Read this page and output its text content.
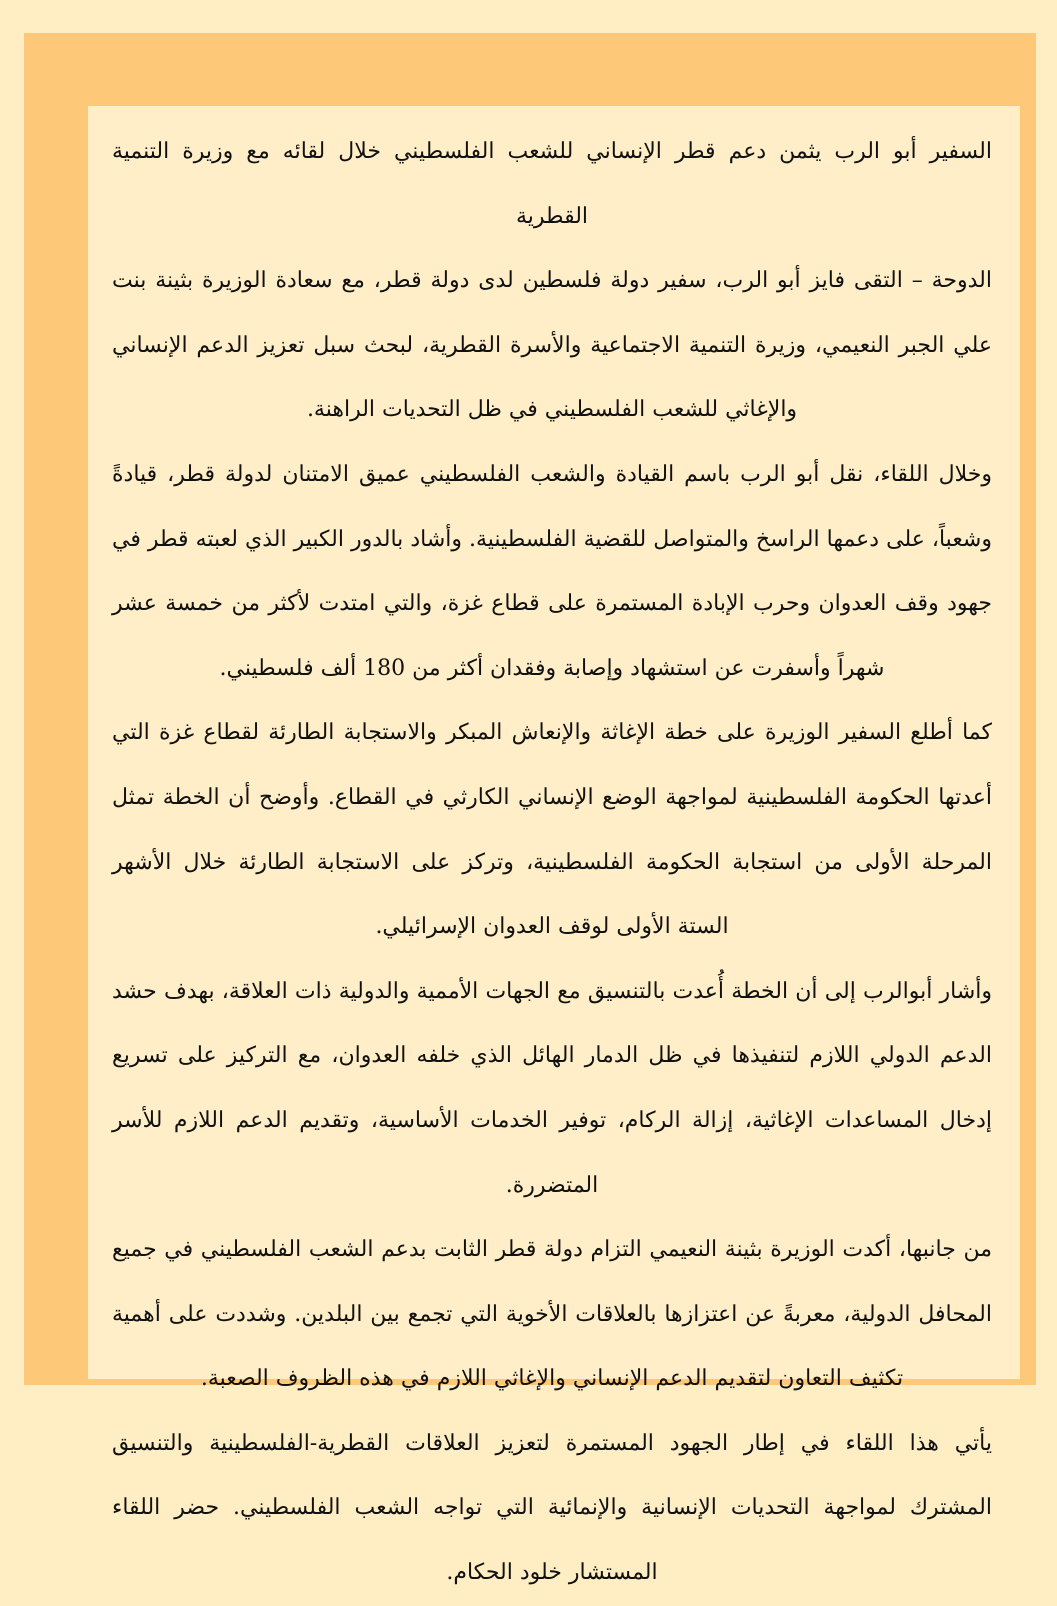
السفير أبو الرب يثمن دعم قطر الإنساني للشعب الفلسطيني خلال لقائه مع وزيرة التنمية القطرية

الدوحة – التقى فايز أبو الرب، سفير دولة فلسطين لدى دولة قطر، مع سعادة الوزيرة بثينة بنت علي الجبر النعيمي، وزيرة التنمية الاجتماعية والأسرة القطرية، لبحث سبل تعزيز الدعم الإنساني والإغاثي للشعب الفلسطيني في ظل التحديات الراهنة.

وخلال اللقاء، نقل أبو الرب باسم القيادة والشعب الفلسطيني عميق الامتنان لدولة قطر، قيادةً وشعباً، على دعمها الراسخ والمتواصل للقضية الفلسطينية. وأشاد بالدور الكبير الذي لعبته قطر في جهود وقف العدوان وحرب الإبادة المستمرة على قطاع غزة، والتي امتدت لأكثر من خمسة عشر شهراً وأسفرت عن استشهاد وإصابة وفقدان أكثر من 180 ألف فلسطيني.

كما أطلع السفير الوزيرة على خطة الإغاثة والإنعاش المبكر والاستجابة الطارئة لقطاع غزة التي أعدتها الحكومة الفلسطينية لمواجهة الوضع الإنساني الكارثي في القطاع. وأوضح أن الخطة تمثل المرحلة الأولى من استجابة الحكومة الفلسطينية، وتركز على الاستجابة الطارئة خلال الأشهر الستة الأولى لوقف العدوان الإسرائيلي.

وأشار أبوالرب إلى أن الخطة أُعدت بالتنسيق مع الجهات الأممية والدولية ذات العلاقة، بهدف حشد الدعم الدولي اللازم لتنفيذها في ظل الدمار الهائل الذي خلفه العدوان، مع التركيز على تسريع إدخال المساعدات الإغاثية، إزالة الركام، توفير الخدمات الأساسية، وتقديم الدعم اللازم للأسر المتضررة.

من جانبها، أكدت الوزيرة بثينة النعيمي التزام دولة قطر الثابت بدعم الشعب الفلسطيني في جميع المحافل الدولية، معربةً عن اعتزازها بالعلاقات الأخوية التي تجمع بين البلدين. وشددت على أهمية تكثيف التعاون لتقديم الدعم الإنساني والإغاثي اللازم في هذه الظروف الصعبة.

يأتي هذا اللقاء في إطار الجهود المستمرة لتعزيز العلاقات القطرية-الفلسطينية والتنسيق المشترك لمواجهة التحديات الإنسانية والإنمائية التي تواجه الشعب الفلسطيني. حضر اللقاء المستشار خلود الحكام.
